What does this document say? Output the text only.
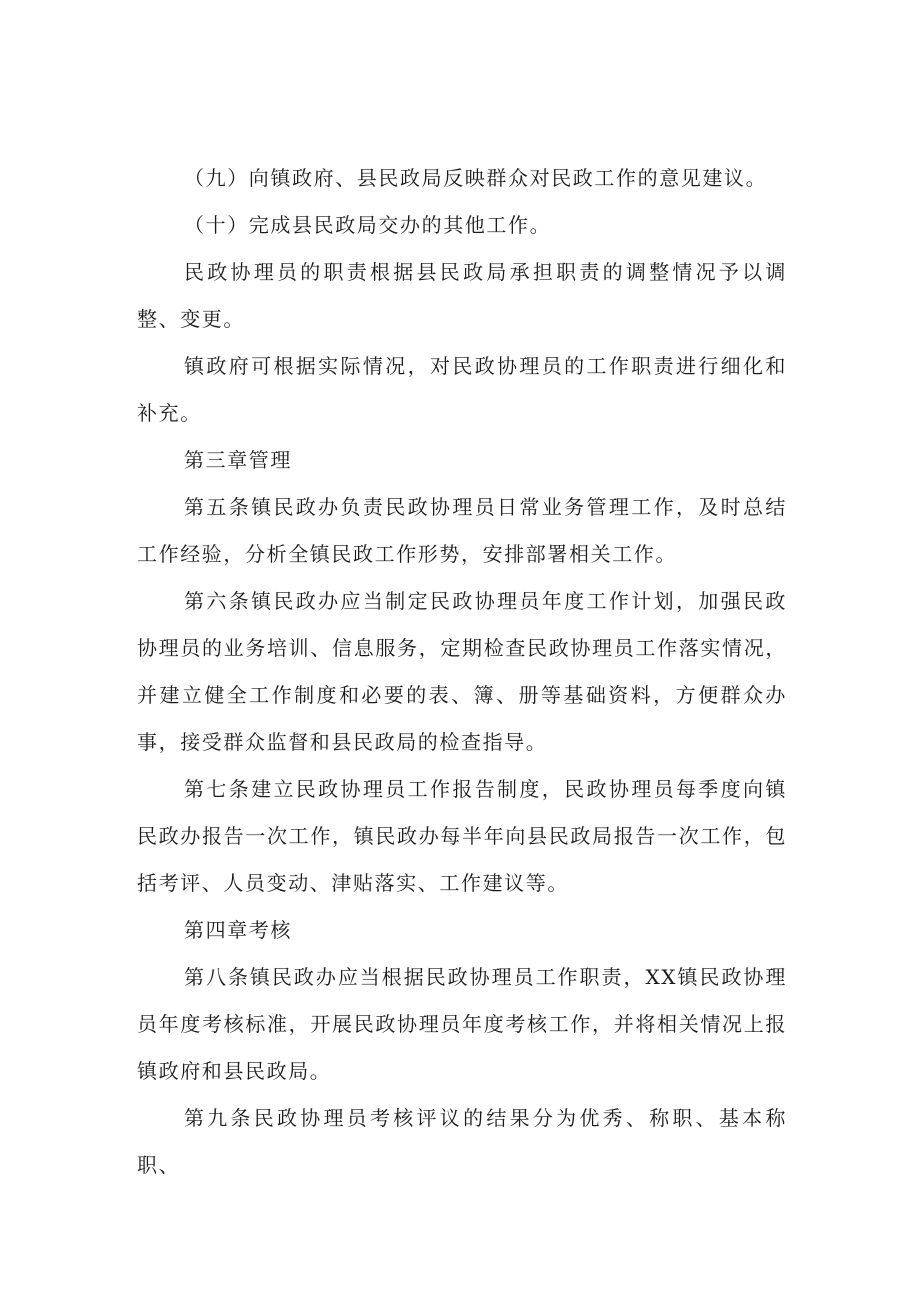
（九）向镇政府、县民政局反映群众对民政工作的意见建议。

（十）完成县民政局交办的其他工作。

民政协理员的职责根据县民政局承担职责的调整情况予以调整、变更。

镇政府可根据实际情况，对民政协理员的工作职责进行细化和补充。

第三章管理

第五条镇民政办负责民政协理员日常业务管理工作，及时总结工作经验，分析全镇民政工作形势，安排部署相关工作。

第六条镇民政办应当制定民政协理员年度工作计划，加强民政协理员的业务培训、信息服务，定期检查民政协理员工作落实情况，并建立健全工作制度和必要的表、簿、册等基础资料，方便群众办事，接受群众监督和县民政局的检查指导。

第七条建立民政协理员工作报告制度，民政协理员每季度向镇民政办报告一次工作，镇民政办每半年向县民政局报告一次工作，包括考评、人员变动、津贴落实、工作建议等。

第四章考核

第八条镇民政办应当根据民政协理员工作职责，XX镇民政协理员年度考核标准，开展民政协理员年度考核工作，并将相关情况上报镇政府和县民政局。

第九条民政协理员考核评议的结果分为优秀、称职、基本称职、
